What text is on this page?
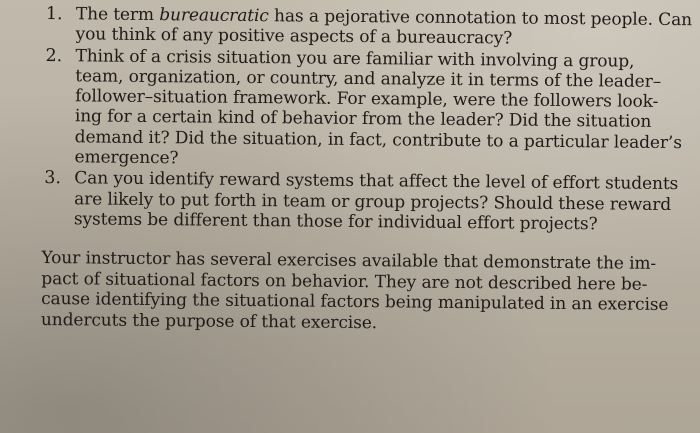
1. The term bureaucratic has a pejorative connotation to most people. Can
you think of any positive aspects of a bureaucracy?
2. Think of a crisis situation you are familiar with involving a group,
team, organization, or country, and analyze it in terms of the leader–
follower–situation framework. For example, were the followers look-
ing for a certain kind of behavior from the leader? Did the situation
demand it? Did the situation, in fact, contribute to a particular leader’s
emergence?
3. Can you identify reward systems that affect the level of effort students
are likely to put forth in team or group projects? Should these reward
systems be different than those for individual effort projects?
Your instructor has several exercises available that demonstrate the im-
pact of situational factors on behavior. They are not described here be-
cause identifying the situational factors being manipulated in an exercise
undercuts the purpose of that exercise.
